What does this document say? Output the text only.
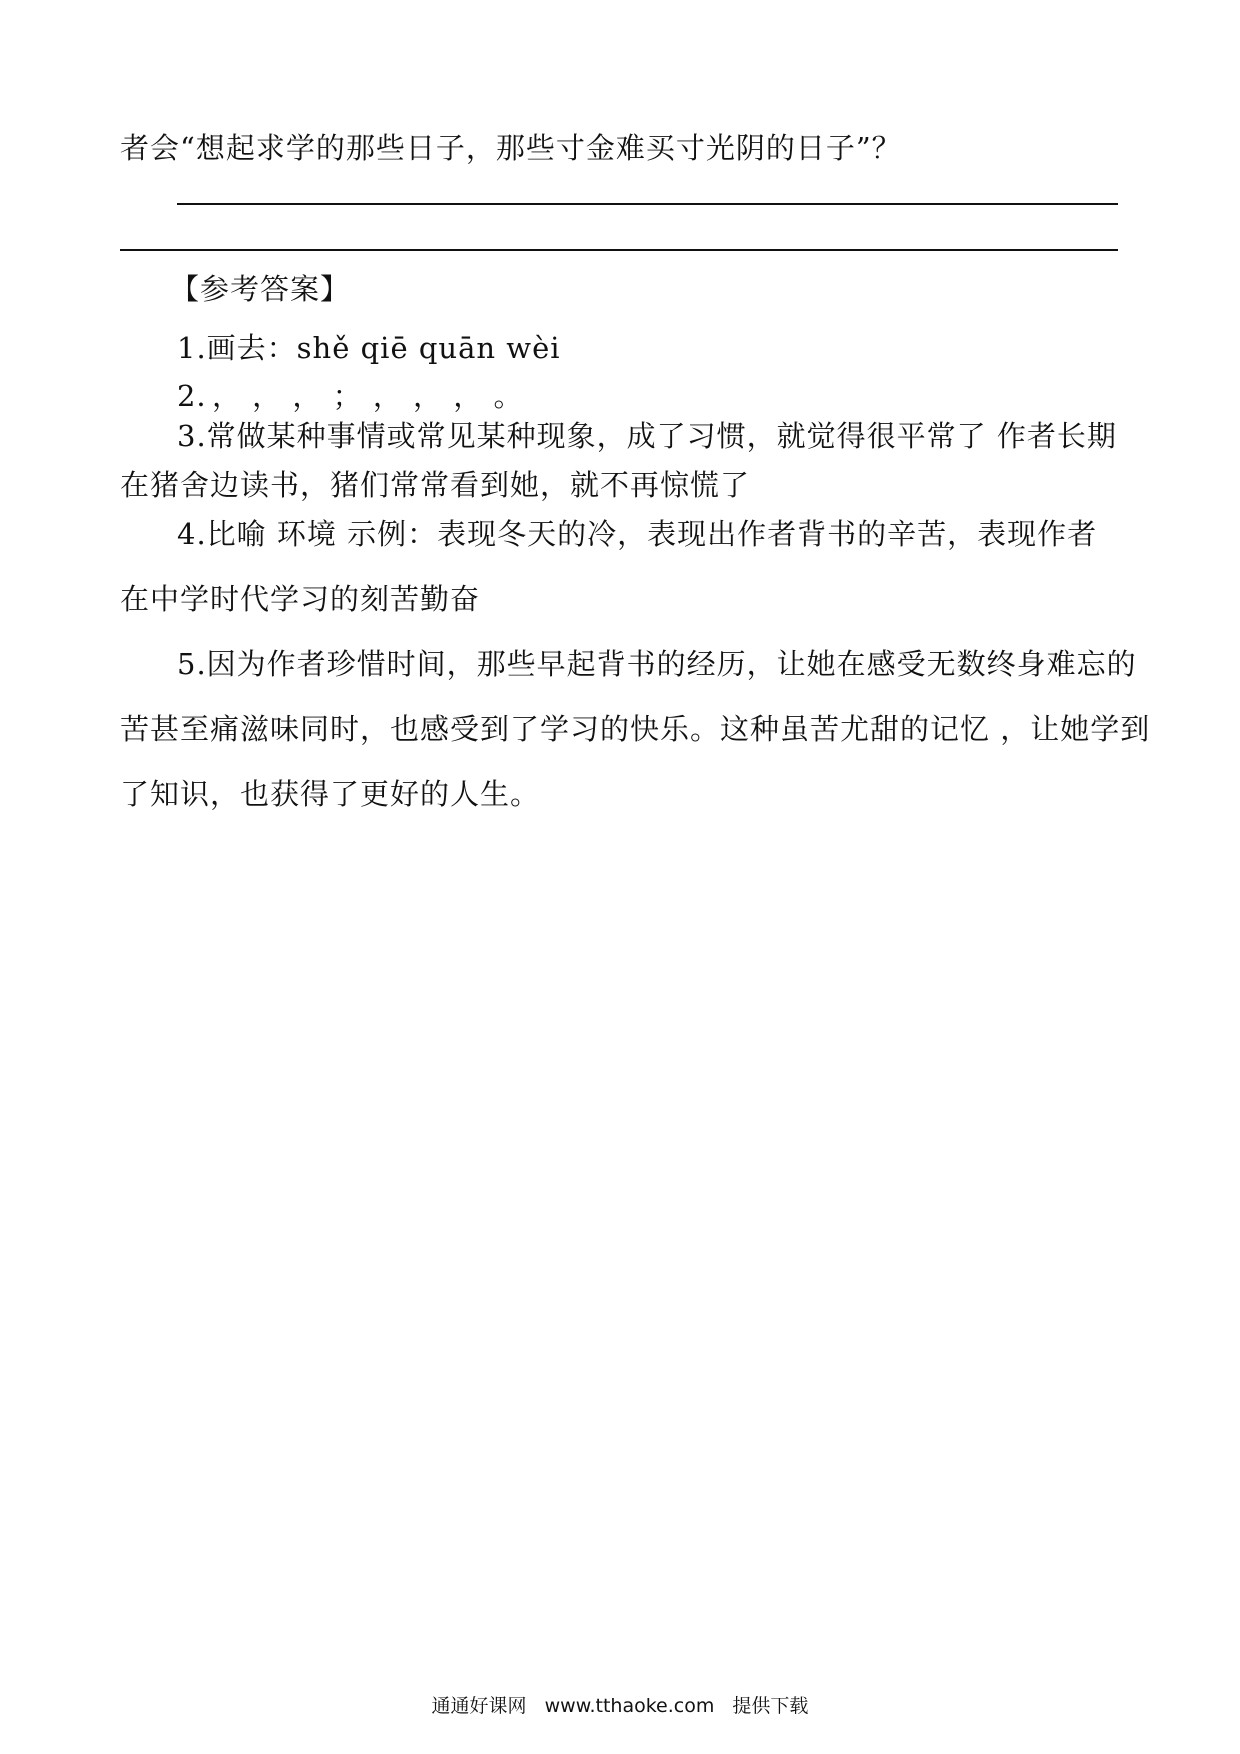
者会“想起求学的那些日子，那些寸金难买寸光阴的日子”？
【参考答案】
1.画去：shě qiē quān wèi
2．， ， ， ； ， ， ， 。
3.常做某种事情或常见某种现象，成了习惯，就觉得很平常了 作者长期
在猪舍边读书，猪们常常看到她，就不再惊慌了
4.比喻 环境 示例：表现冬天的冷，表现出作者背书的辛苦，表现作者
在中学时代学习的刻苦勤奋
5.因为作者珍惜时间，那些早起背书的经历，让她在感受无数终身难忘的
苦甚至痛滋味同时，也感受到了学习的快乐。这种虽苦尤甜的记忆 ，让她学到
了知识，也获得了更好的人生。
通通好课网 www.tthaoke.com 提供下载
